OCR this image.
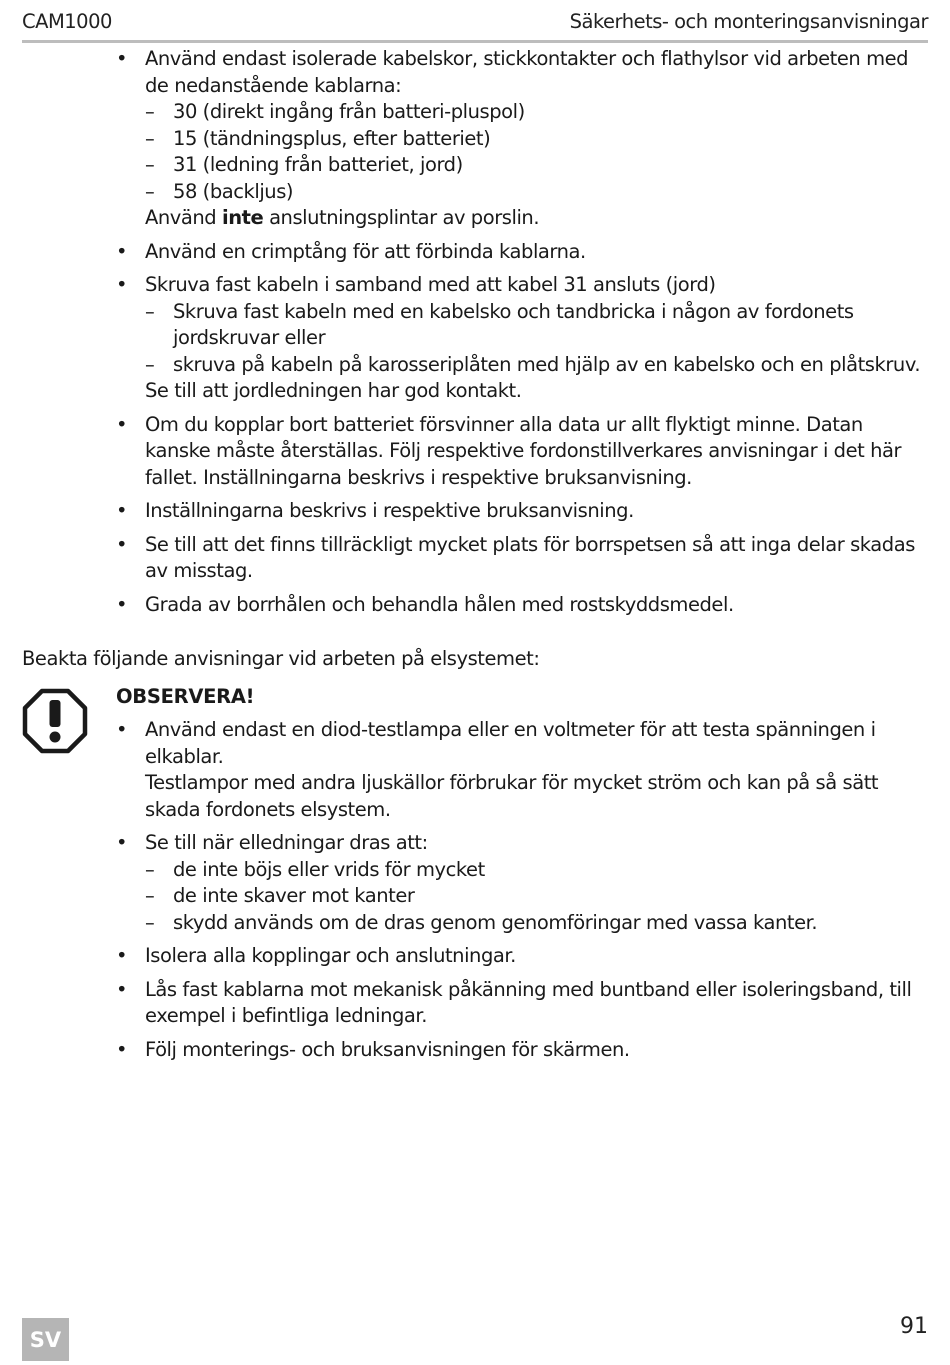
CAM1000	Säkerhets- och monteringsanvisningar
• Använd endast isolerade kabelskor, stickkontakter och flathylsor vid arbeten med de nedanstående kablarna:
– 30 (direkt ingång från batteri-pluspol)
– 15 (tändningsplus, efter batteriet)
– 31 (ledning från batteriet, jord)
– 58 (backljus)
Använd inte anslutningsplintar av porslin.
• Använd en crimptång för att förbinda kablarna.
• Skruva fast kabeln i samband med att kabel 31 ansluts (jord)
– Skruva fast kabeln med en kabelsko och tandbricka i någon av fordonets jordskruvar eller
– skruva på kabeln på karosseriplåten med hjälp av en kabelsko och en plåtskruv.
Se till att jordledningen har god kontakt.
• Om du kopplar bort batteriet försvinner alla data ur allt flyktigt minne. Datan kanske måste återställas. Följ respektive fordonstillverkares anvisningar i det här fallet. Inställningarna beskrivs i respektive bruksanvisning.
• Inställningarna beskrivs i respektive bruksanvisning.
• Se till att det finns tillräckligt mycket plats för borrspetsen så att inga delar skadas av misstag.
• Grada av borrhålen och behandla hålen med rostskyddsmedel.
Beakta följande anvisningar vid arbeten på elsystemet:
OBSERVERA!
• Använd endast en diod-testlampa eller en voltmeter för att testa spänningen i elkablar.
Testlampor med andra ljuskällor förbrukar för mycket ström och kan på så sätt skada fordonets elsystem.
• Se till när elledningar dras att:
– de inte böjs eller vrids för mycket
– de inte skaver mot kanter
– skydd används om de dras genom genomföringar med vassa kanter.
• Isolera alla kopplingar och anslutningar.
• Lås fast kablarna mot mekanisk påkänning med buntband eller isoleringsband, till exempel i befintliga ledningar.
• Följ monterings- och bruksanvisningen för skärmen.
SV
91
